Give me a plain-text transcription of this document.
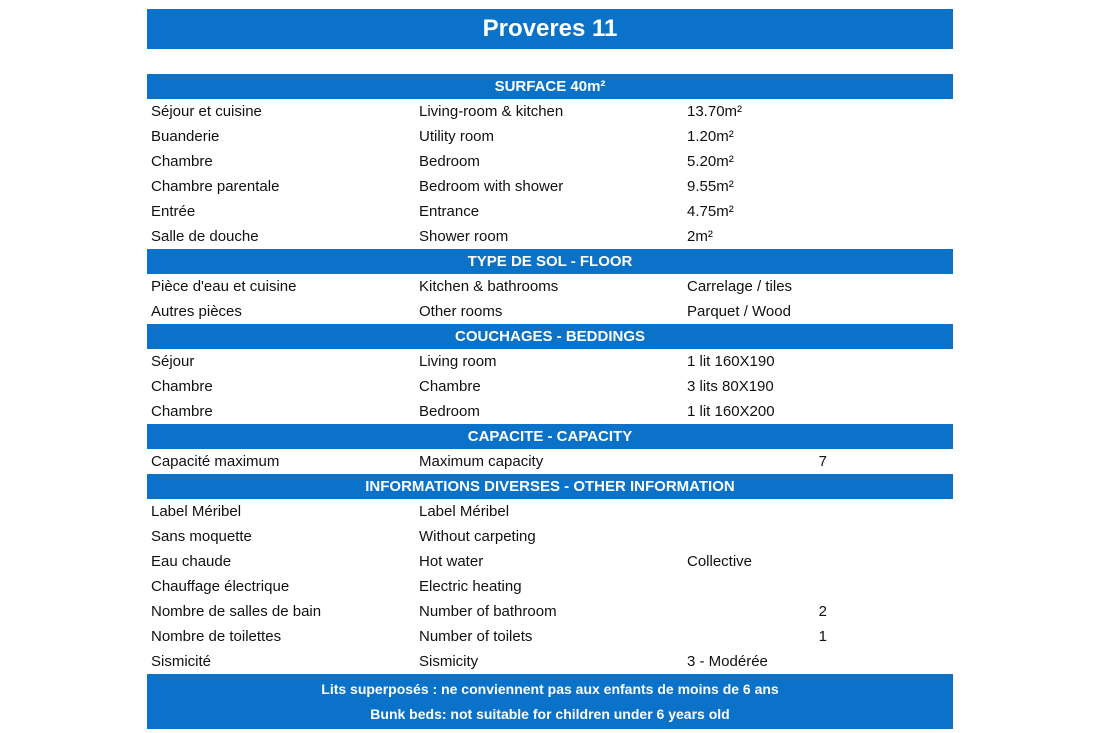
Proveres 11
SURFACE 40m²
Séjour et cuisine	Living-room & kitchen	13.70m²
Buanderie	Utility room	1.20m²
Chambre	Bedroom	5.20m²
Chambre parentale	Bedroom with shower	9.55m²
Entrée	Entrance	4.75m²
Salle de douche	Shower room	2m²
TYPE DE SOL - FLOOR
Pièce d'eau et cuisine	Kitchen & bathrooms	Carrelage / tiles
Autres pièces	Other rooms	Parquet / Wood
COUCHAGES - BEDDINGS
Séjour	Living room	1 lit 160X190
Chambre	Chambre	3 lits 80X190
Chambre	Bedroom	1 lit 160X200
CAPACITE - CAPACITY
Capacité maximum	Maximum capacity	7
INFORMATIONS DIVERSES - OTHER INFORMATION
Label Méribel	Label Méribel
Sans moquette	Without carpeting
Eau chaude	Hot water	Collective
Chauffage électrique	Electric heating
Nombre de salles de bain	Number of bathroom	2
Nombre de toilettes	Number of toilets	1
Sismicité	Sismicity	3 - Modérée
Lits superposés : ne conviennent pas aux enfants de moins de 6 ans
Bunk beds: not suitable for children under 6 years old
